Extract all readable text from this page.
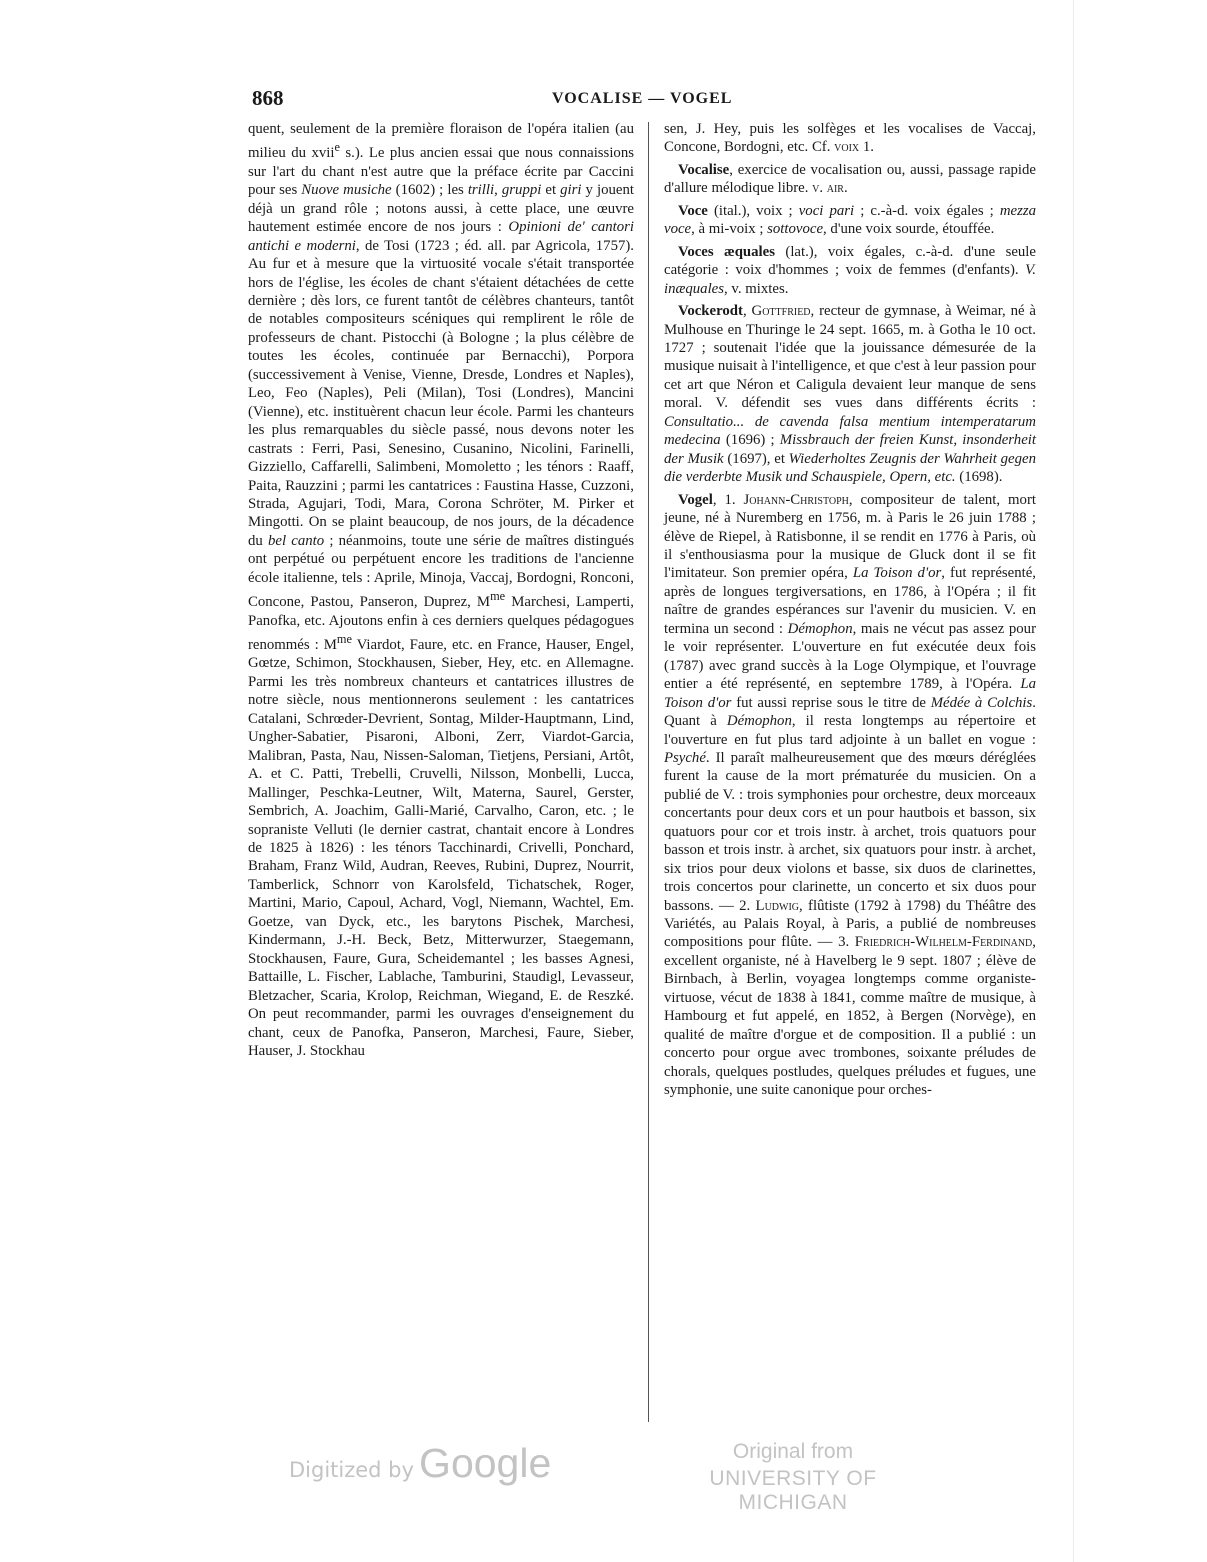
868	VOCALISE — VOGEL

quent, seulement de la première floraison de l'opéra italien (au milieu du xvii$^e$ s.). Le plus ancien essai que nous connaissions sur l'art du chant n'est autre que la préface écrite par Caccini pour ses Nuove musiche (1602) ; les trilli, gruppi et giri y jouent déjà un grand rôle ; notons aussi, à cette place, une œuvre hautement estimée encore de nos jours : Opinioni de' cantori antichi e moderni, de Tosi (1723 ; éd. all. par Agricola, 1757). Au fur et à mesure que la virtuosité vocale s'était transportée hors de l'église, les écoles de chant s'étaient détachées de cette dernière ; dès lors, ce furent tantôt de célèbres chanteurs, tantôt de notables compositeurs scéniques qui remplirent le rôle de professeurs de chant. Pistocchi (à Bologne ; la plus célèbre de toutes les écoles, continuée par Bernacchi), Porpora (successivement à Venise, Vienne, Dresde, Londres et Naples), Leo, Feo (Naples), Peli (Milan), Tosi (Londres), Mancini (Vienne), etc. instituèrent chacun leur école. Parmi les chanteurs les plus remarquables du siècle passé, nous devons noter les castrats : Ferri, Pasi, Senesino, Cusanino, Nicolini, Farinelli, Gizziello, Caffarelli, Salimbeni, Momoletto ; les ténors : Raaff, Paita, Rauzzini ; parmi les cantatrices : Faustina Hasse, Cuzzoni, Strada, Agujari, Todi, Mara, Corona Schröter, M. Pirker et Mingotti. On se plaint beaucoup, de nos jours, de la décadence du bel canto ; néanmoins, toute une série de maîtres distingués ont perpétué ou perpétuent encore les traditions de l'ancienne école italienne, tels : Aprile, Minoja, Vaccaj, Bordogni, Ronconi, Concone, Pastou, Panseron, Duprez, $M^{me}$ Marchesi, Lamperti, Panofka, etc. Ajoutons enfin à ces derniers quelques pédagogues renommés : $M^{me}$ Viardot, Faure, etc. en France, Hauser, Engel, Gœtze, Schimon, Stockhausen, Sieber, Hey, etc. en Allemagne. Parmi les très nombreux chanteurs et cantatrices illustres de notre siècle, nous mentionnerons seulement : les cantatrices Catalani, Schrœder-Devrient, Sontag, Milder-Hauptmann, Lind, Ungher-Sabatier, Pisaroni, Alboni, Zerr, Viardot-Garcia, Malibran, Pasta, Nau, Nissen-Saloman, Tietjens, Persiani, Artôt, A. et C. Patti, Trebelli, Cruvelli, Nilsson, Monbelli, Lucca, Mallinger, Peschka-Leutner, Wilt, Materna, Saurel, Gerster, Sembrich, A. Joachim, Galli-Marié, Carvalho, Caron, etc. ; le sopraniste Velluti (le dernier castrat, chantait encore à Londres de 1825 à 1826) : les ténors Tacchinardi, Crivelli, Ponchard, Braham, Franz Wild, Audran, Reeves, Rubini, Duprez, Nourrit, Tamberlick, Schnorr von Karolsfeld, Tichatschek, Roger, Martini, Mario, Capoul, Achard, Vogl, Niemann, Wachtel, Em. Goetze, van Dyck, etc., les barytons Pischek, Marchesi, Kindermann, J.-H. Beck, Betz, Mitterwurzer, Staegemann, Stockhausen, Faure, Gura, Scheidemantel ; les basses Agnesi, Battaille, L. Fischer, Lablache, Tamburini, Staudigl, Levasseur, Bletzacher, Scaria, Krolop, Reichman, Wiegand, E. de Reszké. On peut recommander, parmi les ouvrages d'enseignement du chant, ceux de Panofka, Panseron, Marchesi, Faure, Sieber, Hauser, J. Stockhau

sen, J. Hey, puis les solfèges et les vocalises de Vaccaj, Concone, Bordogni, etc. Cf. voix 1.

Vocalise, exercice de vocalisation ou, aussi, passage rapide d'allure mélodique libre. v. air.

Voce (ital.), voix ; voci pari ; c.-à-d. voix égales ; mezza voce, à mi-voix ; sottovoce, d'une voix sourde, étouffée.

Voces æquales (lat.), voix égales, c.-à-d. d'une seule catégorie : voix d'hommes ; voix de femmes (d'enfants). V. inæquales, v. mixtes.

Vockerodt, Gottfried, recteur de gymnase, à Weimar, né à Mulhouse en Thuringe le 24 sept. 1665, m. à Gotha le 10 oct. 1727 ; soutenait l'idée que la jouissance démesurée de la musique nuisait à l'intelligence, et que c'est à leur passion pour cet art que Néron et Caligula devaient leur manque de sens moral. V. défendit ses vues dans différents écrits : Consultatio... de cavenda falsa mentium intemperatarum medecina (1696) ; Missbrauch der freien Kunst, insonderheit der Musik (1697), et Wiederholtes Zeugnis der Wahrheit gegen die verderbte Musik und Schauspiele, Opern, etc. (1698).

Vogel, 1. Johann-Christoph, compositeur de talent, mort jeune, né à Nuremberg en 1756, m. à Paris le 26 juin 1788 ; élève de Riepel, à Ratisbonne, il se rendit en 1776 à Paris, où il s'enthousiasma pour la musique de Gluck dont il se fit l'imitateur. Son premier opéra, La Toison d'or, fut représenté, après de longues tergiversations, en 1786, à l'Opéra ; il fit naître de grandes espérances sur l'avenir du musicien. V. en termina un second : Démophon, mais ne vécut pas assez pour le voir représenter. L'ouverture en fut exécutée deux fois (1787) avec grand succès à la Loge Olympique, et l'ouvrage entier a été représenté, en septembre 1789, à l'Opéra. La Toison d'or fut aussi reprise sous le titre de Médée à Colchis. Quant à Démophon, il resta longtemps au répertoire et l'ouverture en fut plus tard adjointe à un ballet en vogue : Psyché. Il paraît malheureusement que des mœurs déréglées furent la cause de la mort prématurée du musicien. On a publié de V. : trois symphonies pour orchestre, deux morceaux concertants pour deux cors et un pour hautbois et basson, six quatuors pour cor et trois instr. à archet, trois quatuors pour basson et trois instr. à archet, six quatuors pour instr. à archet, six trios pour deux violons et basse, six duos de clarinettes, trois concertos pour clarinette, un concerto et six duos pour bassons. — 2. Ludwig, flûtiste (1792 à 1798) du Théâtre des Variétés, au Palais Royal, à Paris, a publié de nombreuses compositions pour flûte. — 3. Friedrich-Wilhelm-Ferdinand, excellent organiste, né à Havelberg le 9 sept. 1807 ; élève de Birnbach, à Berlin, voyagea longtemps comme organiste-virtuose, vécut de 1838 à 1841, comme maître de musique, à Hambourg et fut appelé, en 1852, à Bergen (Norvège), en qualité de maître d'orgue et de composition. Il a publié : un concerto pour orgue avec trombones, soixante préludes de chorals, quelques postludes, quelques préludes et fugues, une symphonie, une suite canonique pour orches-

Digitized by Google	Original from
UNIVERSITY OF MICHIGAN
